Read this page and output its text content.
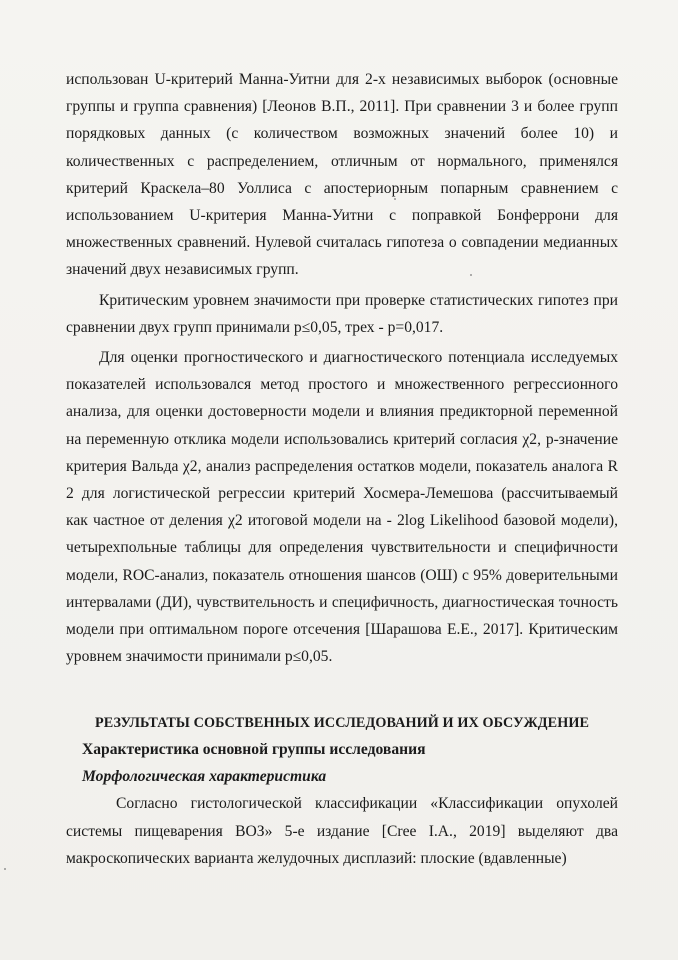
использован U-критерий Манна-Уитни для 2-х независимых выборок (основные группы и группа сравнения) [Леонов В.П., 2011]. При сравнении 3 и более групп порядковых данных (с количеством возможных значений более 10) и количественных с распределением, отличным от нормального, применялся критерий Краскела–80 Уоллиса с апостериорным попарным сравнением с использованием U-критерия Манна-Уитни с поправкой Бонферрони для множественных сравнений. Нулевой считалась гипотеза о совпадении медианных значений двух независимых групп.

Критическим уровнем значимости при проверке статистических гипотез при сравнении двух групп принимали p≤0,05, трех - p=0,017.

Для оценки прогностического и диагностического потенциала исследуемых показателей использовался метод простого и множественного регрессионного анализа, для оценки достоверности модели и влияния предикторной переменной на переменную отклика модели использовались критерий согласия χ2, р-значение критерия Вальда χ2, анализ распределения остатков модели, показатель аналога R 2 для логистической регрессии критерий Хосмера-Лемешова (рассчитываемый как частное от деления χ2 итоговой модели на - 2log Likelihood базовой модели), четырехпольные таблицы для определения чувствительности и специфичности модели, ROC-анализ, показатель отношения шансов (ОШ) с 95% доверительными интервалами (ДИ), чувствительность и специфичность, диагностическая точность модели при оптимальном пороге отсечения [Шарашова Е.Е., 2017]. Критическим уровнем значимости принимали p≤0,05.

РЕЗУЛЬТАТЫ СОБСТВЕННЫХ ИССЛЕДОВАНИЙ И ИХ ОБСУЖДЕНИЕ
Характеристика основной группы исследования
Морфологическая характеристика

Согласно гистологической классификации «Классификации опухолей системы пищеварения ВОЗ» 5-е издание [Cree I.A., 2019] выделяют два макроскопических варианта желудочных дисплазий: плоские (вдавленные)
